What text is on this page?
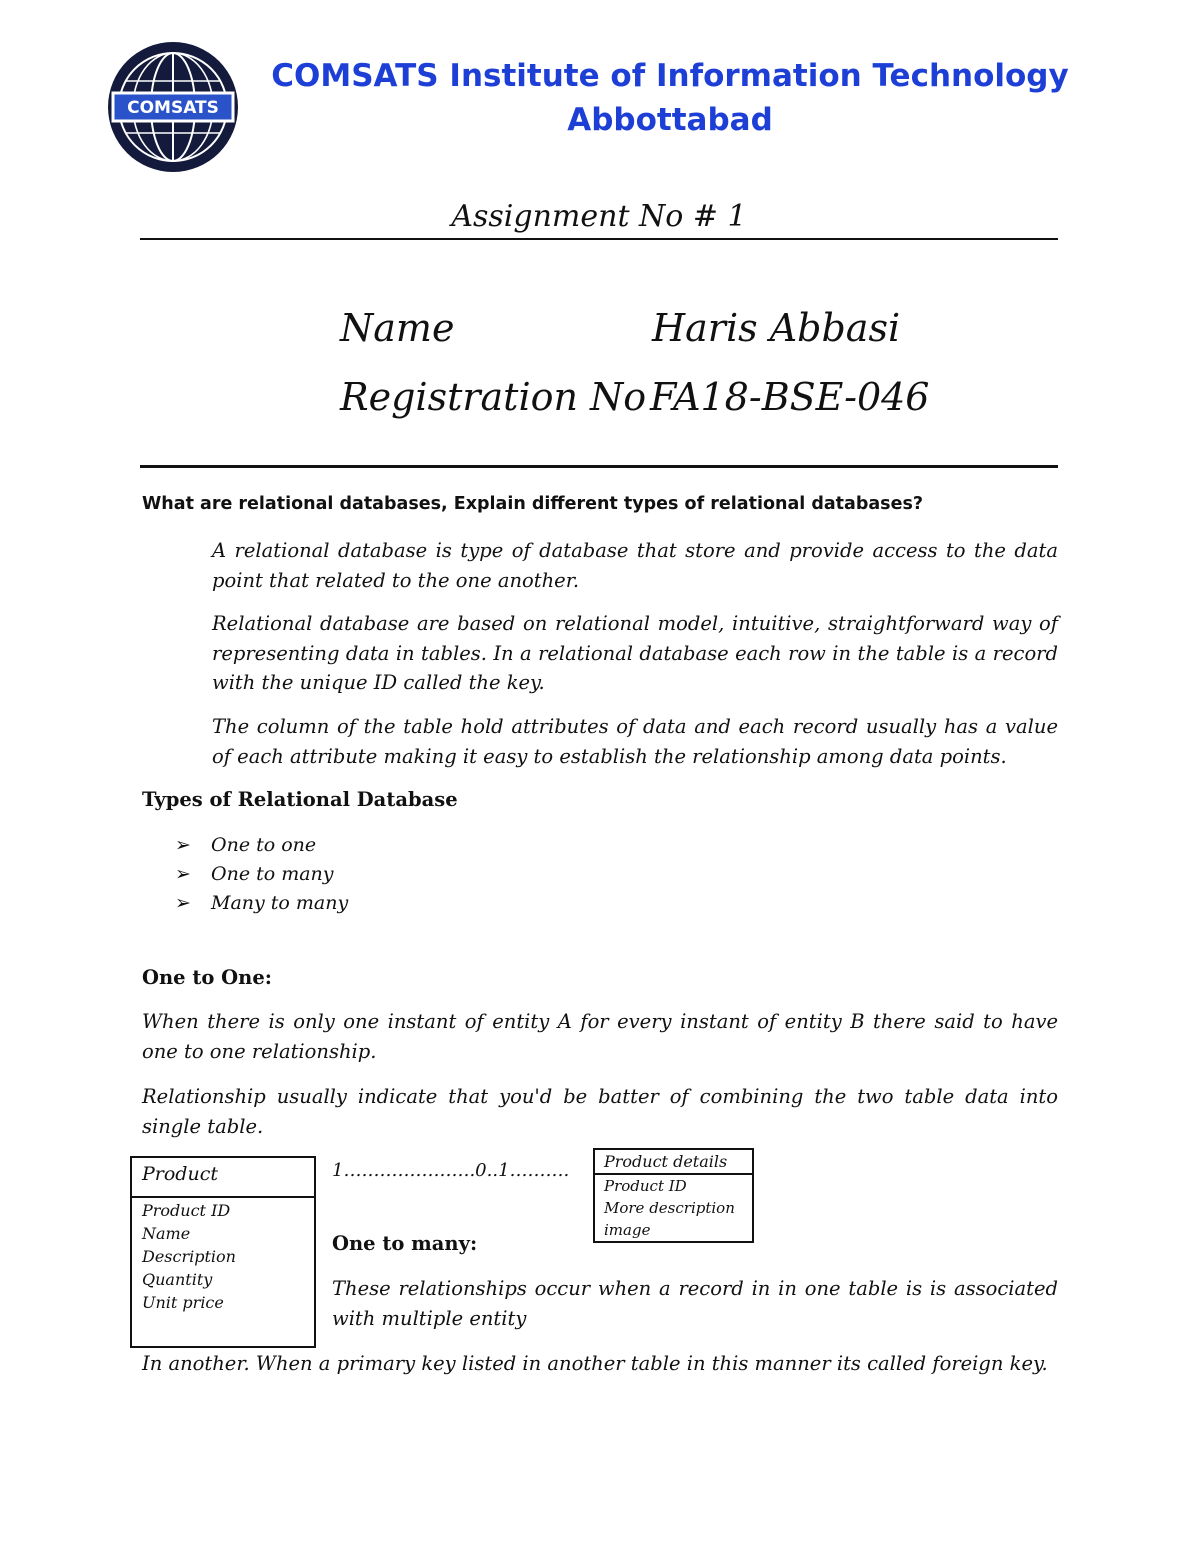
COMSATS
COMSATS Institute of Information Technology
Abbottabad
Assignment No # 1
Name	Haris Abbasi
Registration No FA18-BSE-046
What are relational databases, Explain different types of relational databases?
A relational database is type of database that store and provide access to the data point that related to the one another.
Relational database are based on relational model, intuitive, straightforward way of representing data in tables. In a relational database each row in the table is a record with the unique ID called the key.
The column of the table hold attributes of data and each record usually has a value of each attribute making it easy to establish the relationship among data points.
Types of Relational Database
➢ One to one
➢ One to many
➢ Many to many
One to One:
When there is only one instant of entity A for every instant of entity B there said to have one to one relationship.
Relationship usually indicate that you'd be batter of combining the two table data into single table.
Product
Product ID
Name
Description
Quantity
Unit price
1………………….0..1………. Product details
Product ID
More description
image
One to many:
These relationships occur when a record in in one table is is associated with multiple entity
In another. When a primary key listed in another table in this manner its called foreign key.
